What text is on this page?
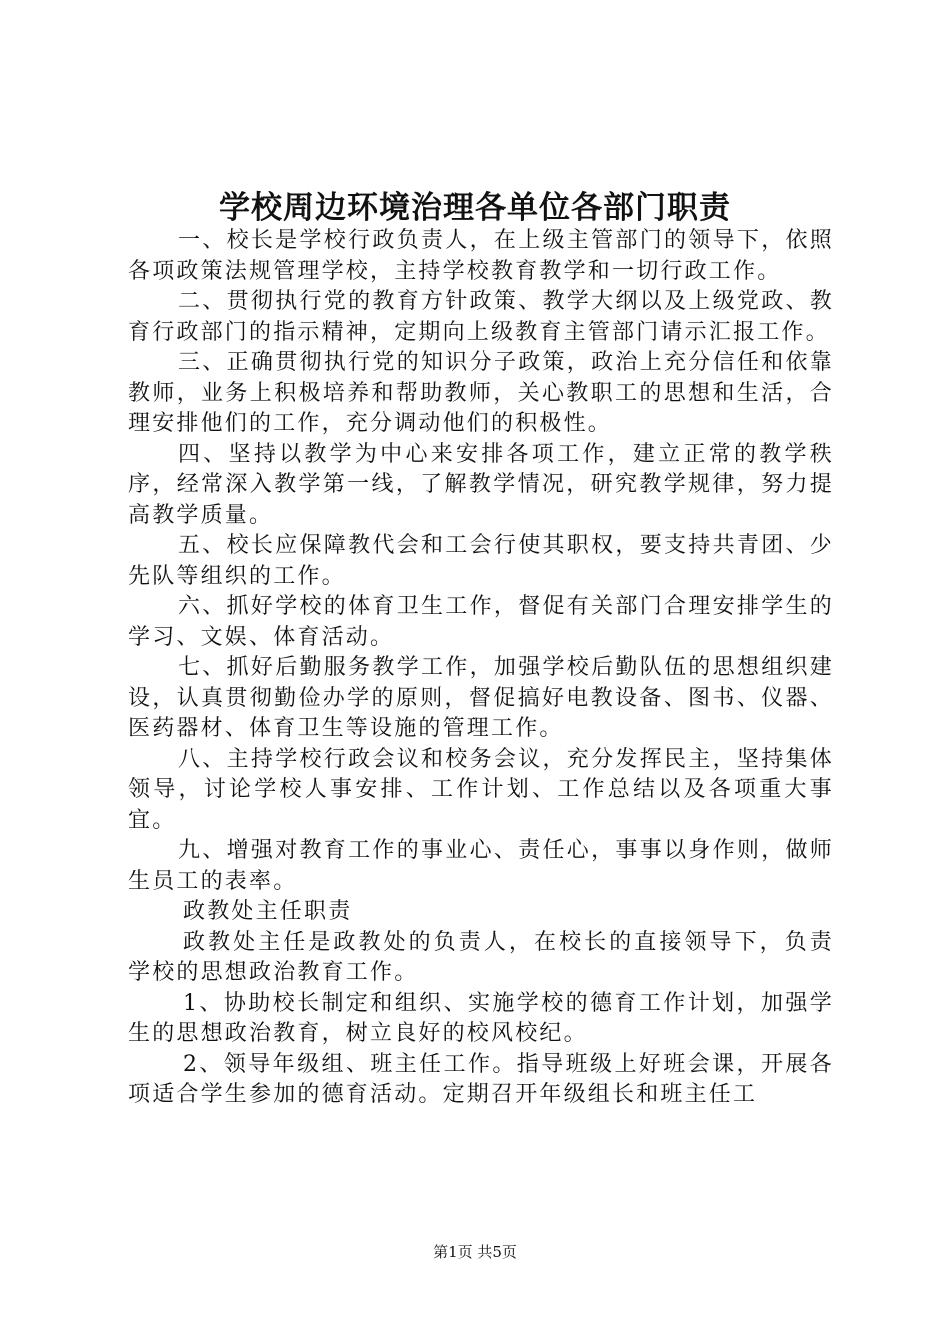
学校周边环境治理各单位各部门职责

一、校长是学校行政负责人，在上级主管部门的领导下，依照各项政策法规管理学校，主持学校教育教学和一切行政工作。

二、贯彻执行党的教育方针政策、教学大纲以及上级党政、教育行政部门的指示精神，定期向上级教育主管部门请示汇报工作。

三、正确贯彻执行党的知识分子政策，政治上充分信任和依靠教师，业务上积极培养和帮助教师，关心教职工的思想和生活，合理安排他们的工作，充分调动他们的积极性。

四、坚持以教学为中心来安排各项工作，建立正常的教学秩序，经常深入教学第一线，了解教学情况，研究教学规律，努力提高教学质量。

五、校长应保障教代会和工会行使其职权，要支持共青团、少先队等组织的工作。

六、抓好学校的体育卫生工作，督促有关部门合理安排学生的学习、文娱、体育活动。

七、抓好后勤服务教学工作，加强学校后勤队伍的思想组织建设，认真贯彻勤俭办学的原则，督促搞好电教设备、图书、仪器、医药器材、体育卫生等设施的管理工作。

八、主持学校行政会议和校务会议，充分发挥民主，坚持集体领导，讨论学校人事安排、工作计划、工作总结以及各项重大事宜。

九、增强对教育工作的事业心、责任心，事事以身作则，做师生员工的表率。

政教处主任职责

政教处主任是政教处的负责人，在校长的直接领导下，负责学校的思想政治教育工作。

1、协助校长制定和组织、实施学校的德育工作计划，加强学生的思想政治教育，树立良好的校风校纪。

2、领导年级组、班主任工作。指导班级上好班会课，开展各项适合学生参加的德育活动。定期召开年级组长和班主任工

第1页 共5页
